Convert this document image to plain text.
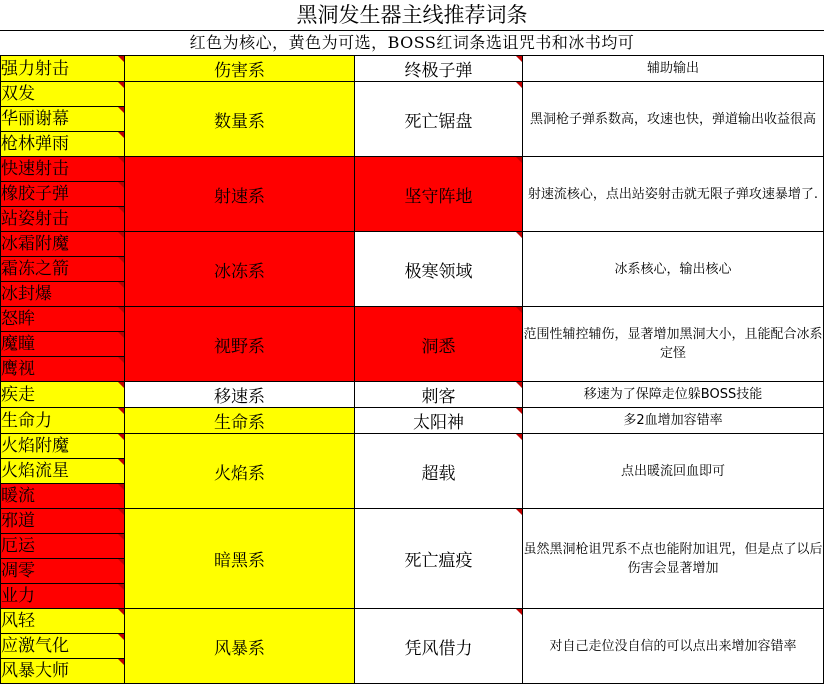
黑洞发生器主线推荐词条
红色为核心，黄色为可选，BOSS红词条选诅咒书和冰书均可
强力射击	伤害系	终极子弹	辅助输出
双发	数量系	死亡锯盘	黑洞枪子弹系数高，攻速也快，弹道输出收益很高
华丽谢幕			
枪林弹雨			
快速射击	射速系	坚守阵地	射速流核心，点出站姿射击就无限子弹攻速暴增了.
橡胶子弹			
站姿射击			
冰霜附魔	冰冻系	极寒领域	冰系核心，输出核心
霜冻之箭			
冰封爆			
怒眸	视野系	洞悉	范围性辅控辅伤，显著增加黑洞大小，且能配合冰系定怪
魔瞳			
鹰视			
疾走	移速系	刺客	移速为了保障走位躲BOSS技能
生命力	生命系	太阳神	多2血增加容错率
火焰附魔	火焰系	超载	点出暖流回血即可
火焰流星			
暖流			
邪道	暗黑系	死亡瘟疫	虽然黑洞枪诅咒系不点也能附加诅咒，但是点了以后伤害会显著增加
厄运			
凋零			
业力			
风轻	风暴系	凭风借力	对自己走位没自信的可以点出来增加容错率
应激气化			
风暴大师			
